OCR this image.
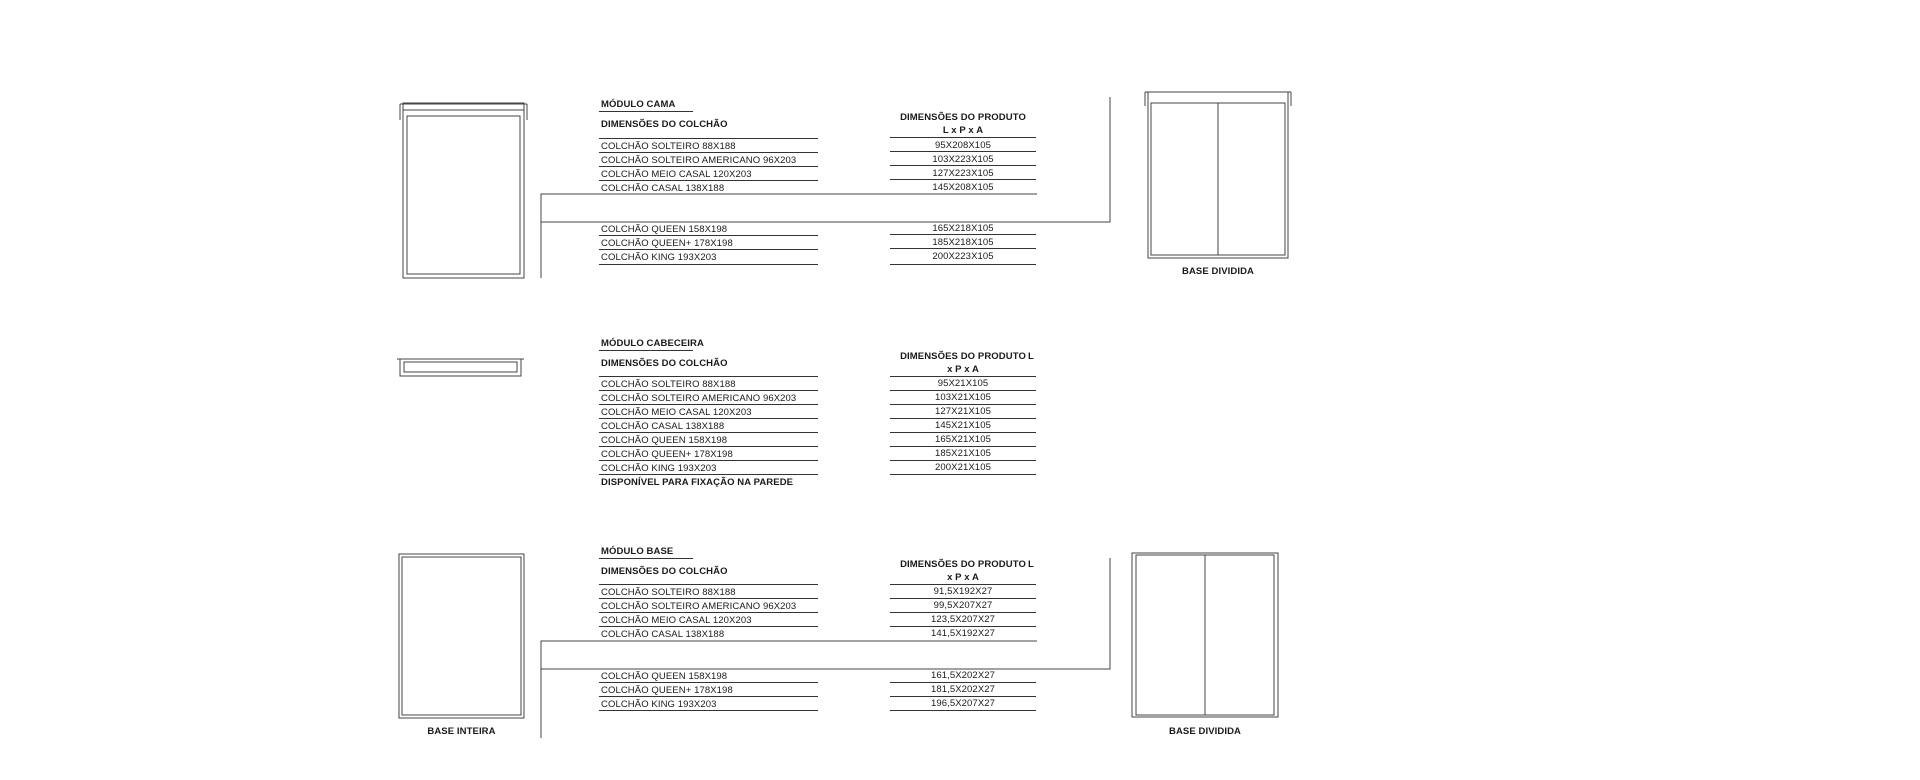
MÓDULO CAMA
DIMENSÕES DO COLCHÃO
DIMENSÕES DO PRODUTO
L x P x A
COLCHÃO SOLTEIRO 88X188	95X208X105
COLCHÃO SOLTEIRO AMERICANO 96X203	103X223X105
COLCHÃO MEIO CASAL 120X203	127X223X105
COLCHÃO CASAL 138X188	145X208X105
COLCHÃO QUEEN 158X198	165X218X105
COLCHÃO QUEEN+ 178X198	185X218X105
COLCHÃO KING 193X203	200X223X105
BASE DIVIDIDA
MÓDULO CABECEIRA
DIMENSÕES DO COLCHÃO
DIMENSÕES DO PRODUTO L
x P x A
COLCHÃO SOLTEIRO 88X188	95X21X105
COLCHÃO SOLTEIRO AMERICANO 96X203	103X21X105
COLCHÃO MEIO CASAL 120X203	127X21X105
COLCHÃO CASAL 138X188	145X21X105
COLCHÃO QUEEN 158X198	165X21X105
COLCHÃO QUEEN+ 178X198	185X21X105
COLCHÃO KING 193X203	200X21X105
DISPONÍVEL PARA FIXAÇÃO NA PAREDE
MÓDULO BASE
DIMENSÕES DO COLCHÃO
DIMENSÕES DO PRODUTO L
x P x A
COLCHÃO SOLTEIRO 88X188	91,5X192X27
COLCHÃO SOLTEIRO AMERICANO 96X203	99,5X207X27
COLCHÃO MEIO CASAL 120X203	123,5X207X27
COLCHÃO CASAL 138X188	141,5X192X27
COLCHÃO QUEEN 158X198	161,5X202X27
COLCHÃO QUEEN+ 178X198	181,5X202X27
COLCHÃO KING 193X203	196,5X207X27
BASE INTEIRA	BASE DIVIDIDA
